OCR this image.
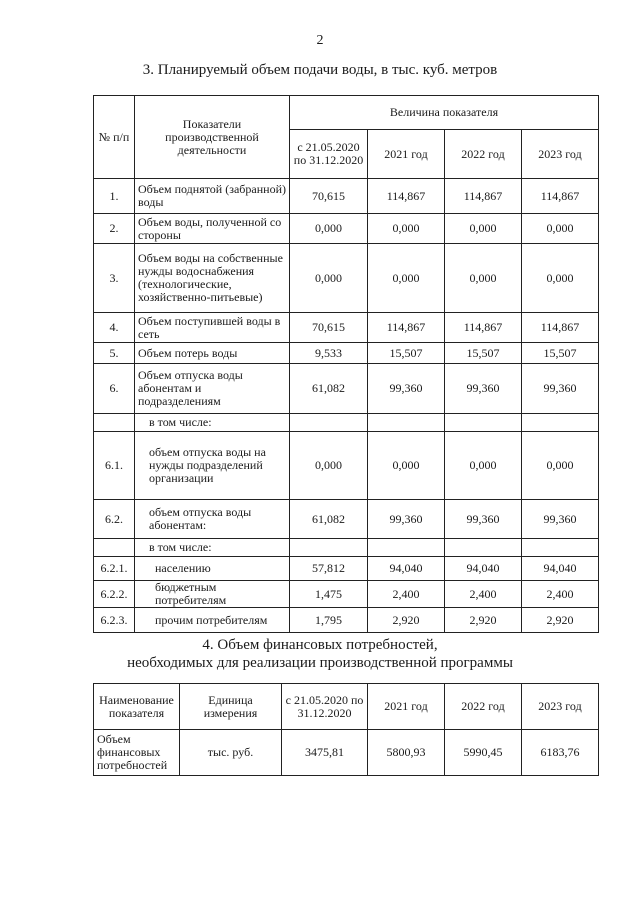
2
3. Планируемый объем подачи воды, в тыс. куб. метров
№ п/п	Показатели производственной деятельности	Величина показателя			
		с 21.05.2020 по 31.12.2020	2021 год	2022 год	2023 год
1.	Объем поднятой (забранной) воды	70,615	114,867	114,867	114,867
2.	Объем воды, полученной со стороны	0,000	0,000	0,000	0,000
3.	Объем воды на собственные нужды водоснабжения (технологические, хозяйственно-питьевые)	0,000	0,000	0,000	0,000
4.	Объем поступившей воды в сеть	70,615	114,867	114,867	114,867
5.	Объем потерь воды	9,533	15,507	15,507	15,507
6.	Объем отпуска воды абонентам и подразделениям	61,082	99,360	99,360	99,360
	в том числе:				
6.1.	объем отпуска воды на нужды подразделений организации	0,000	0,000	0,000	0,000
6.2.	объем отпуска воды абонентам:	61,082	99,360	99,360	99,360
	в том числе:				
6.2.1.	населению	57,812	94,040	94,040	94,040
6.2.2.	бюджетным потребителям	1,475	2,400	2,400	2,400
6.2.3.	прочим потребителям	1,795	2,920	2,920	2,920
4. Объем финансовых потребностей,
необходимых для реализации производственной программы
Наименование показателя	Единица измерения	с 21.05.2020 по 31.12.2020	2021 год	2022 год	2023 год
Объем финансовых потребностей	тыс. руб.	3475,81	5800,93	5990,45	6183,76
